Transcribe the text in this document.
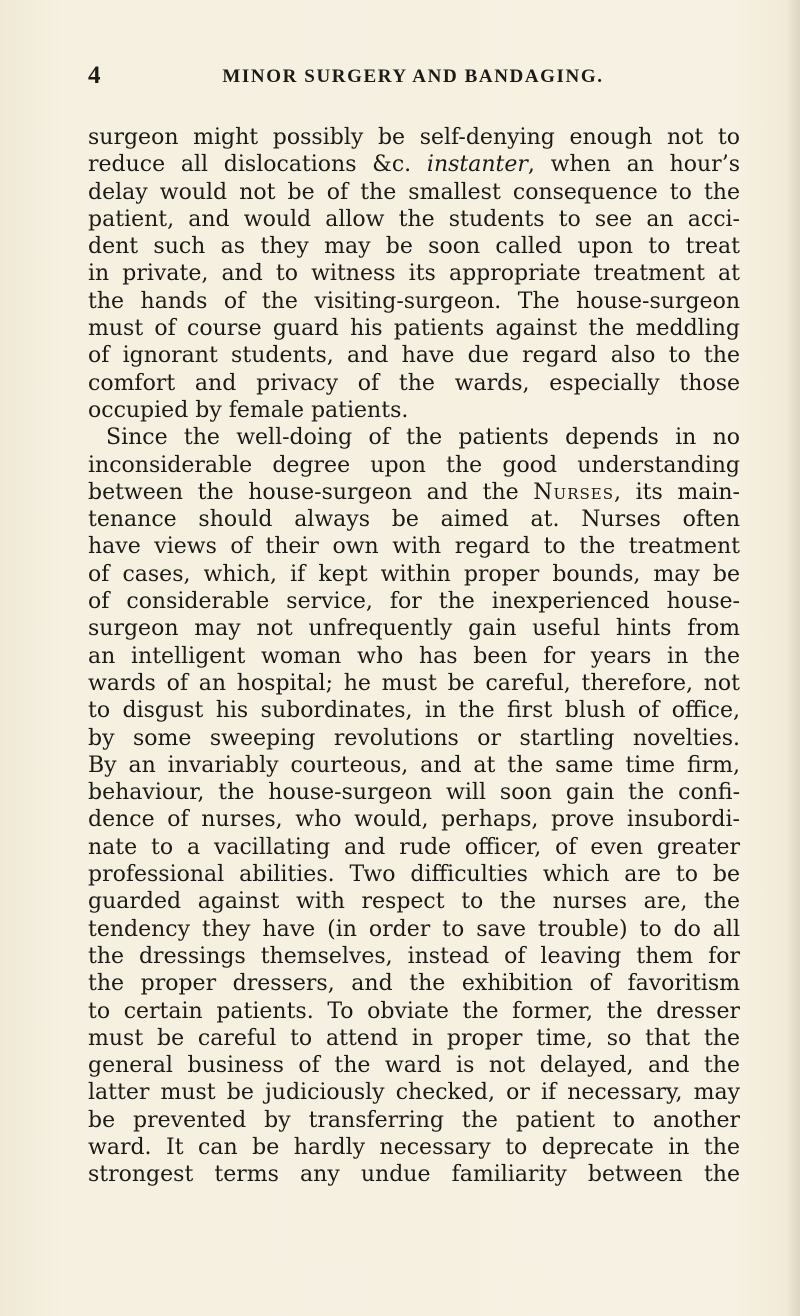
4	MINOR SURGERY AND BANDAGING.
surgeon might possibly be self-denying enough not to
reduce all dislocations &c. instanter, when an hour’s
delay would not be of the smallest consequence to the
patient, and would allow the students to see an acci-
dent such as they may be soon called upon to treat
in private, and to witness its appropriate treatment at
the hands of the visiting-surgeon. The house-surgeon
must of course guard his patients against the meddling
of ignorant students, and have due regard also to the
comfort and privacy of the wards, especially those
occupied by female patients.
Since the well-doing of the patients depends in no
inconsiderable degree upon the good understanding
between the house-surgeon and the Nurses, its main-
tenance should always be aimed at. Nurses often
have views of their own with regard to the treatment
of cases, which, if kept within proper bounds, may be
of considerable service, for the inexperienced house-
surgeon may not unfrequently gain useful hints from
an intelligent woman who has been for years in the
wards of an hospital; he must be careful, therefore, not
to disgust his subordinates, in the first blush of office,
by some sweeping revolutions or startling novelties.
By an invariably courteous, and at the same time firm,
behaviour, the house-surgeon will soon gain the confi-
dence of nurses, who would, perhaps, prove insubordi-
nate to a vacillating and rude officer, of even greater
professional abilities. Two difficulties which are to be
guarded against with respect to the nurses are, the
tendency they have (in order to save trouble) to do all
the dressings themselves, instead of leaving them for
the proper dressers, and the exhibition of favoritism
to certain patients. To obviate the former, the dresser
must be careful to attend in proper time, so that the
general business of the ward is not delayed, and the
latter must be judiciously checked, or if necessary, may
be prevented by transferring the patient to another
ward. It can be hardly necessary to deprecate in the
strongest terms any undue familiarity between the
